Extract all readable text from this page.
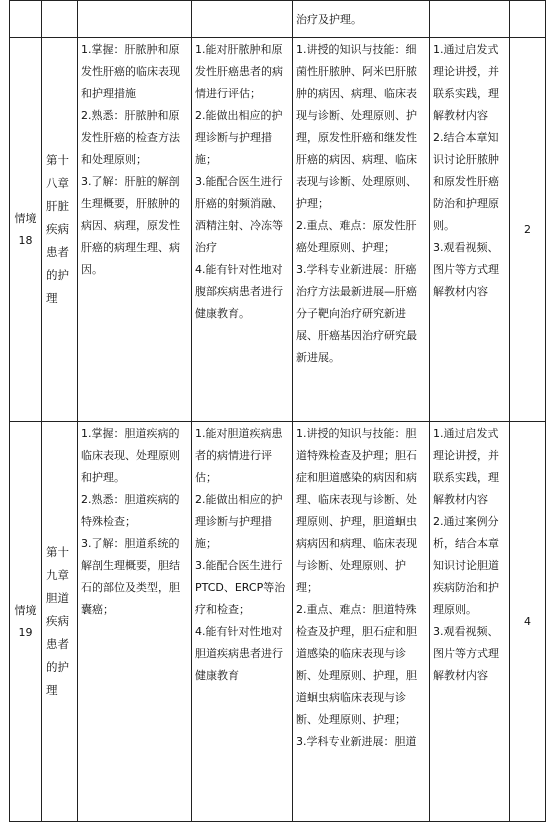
				治疗及护理。		

情境
18	第十八章肝脏疾病患者的护理	1.掌握：肝脓肿和原发性肝癌的临床表现和护理措施
2.熟悉：肝脓肿和原发性肝癌的检查方法和处理原则；
3.了解：肝脏的解剖生理概要，肝脓肿的病因、病理，原发性肝癌的病理生理、病因。	1.能对肝脓肿和原发性肝癌患者的病情进行评估；
2.能做出相应的护理诊断与护理措施；
3.能配合医生进行肝癌的射频消融、酒精注射、冷冻等治疗
4.能有针对性地对腹部疾病患者进行健康教育。	1.讲授的知识与技能：细菌性肝脓肿、阿米巴肝脓肿的病因、病理、临床表现与诊断、处理原则、护理，原发性肝癌和继发性肝癌的病因、病理、临床表现与诊断、处理原则、护理；
2.重点、难点：原发性肝癌处理原则、护理；
3.学科专业新进展：肝癌治疗方法最新进展—肝癌分子靶向治疗研究新进展、肝癌基因治疗研究最新进展。	1.通过启发式理论讲授，并联系实践，理解教材内容
2.结合本章知识讨论肝脓肿和原发性肝癌防治和护理原则。
3.观看视频、图片等方式理解教材内容	2

情境
19	第十九章胆道疾病患者的护理	1.掌握：胆道疾病的临床表现、处理原则和护理。
2.熟悉：胆道疾病的特殊检查；
3.了解：胆道系统的解剖生理概要，胆结石的部位及类型，胆囊癌；	1.能对胆道疾病患者的病情进行评估；
2.能做出相应的护理诊断与护理措施；
3.能配合医生进行PTCD、ERCP等治疗和检查；
4.能有针对性地对胆道疾病患者进行健康教育	1.讲授的知识与技能：胆道特殊检查及护理；胆石症和胆道感染的病因和病理、临床表现与诊断、处理原则、护理，胆道蛔虫病病因和病理、临床表现与诊断、处理原则、护理；
2.重点、难点：胆道特殊检查及护理，胆石症和胆道感染的临床表现与诊断、处理原则、护理，胆道蛔虫病临床表现与诊断、处理原则、护理；
3.学科专业新进展：胆道	1.通过启发式理论讲授，并联系实践，理解教材内容
2.通过案例分析，结合本章知识讨论胆道疾病防治和护理原则。
3.观看视频、图片等方式理解教材内容	4
